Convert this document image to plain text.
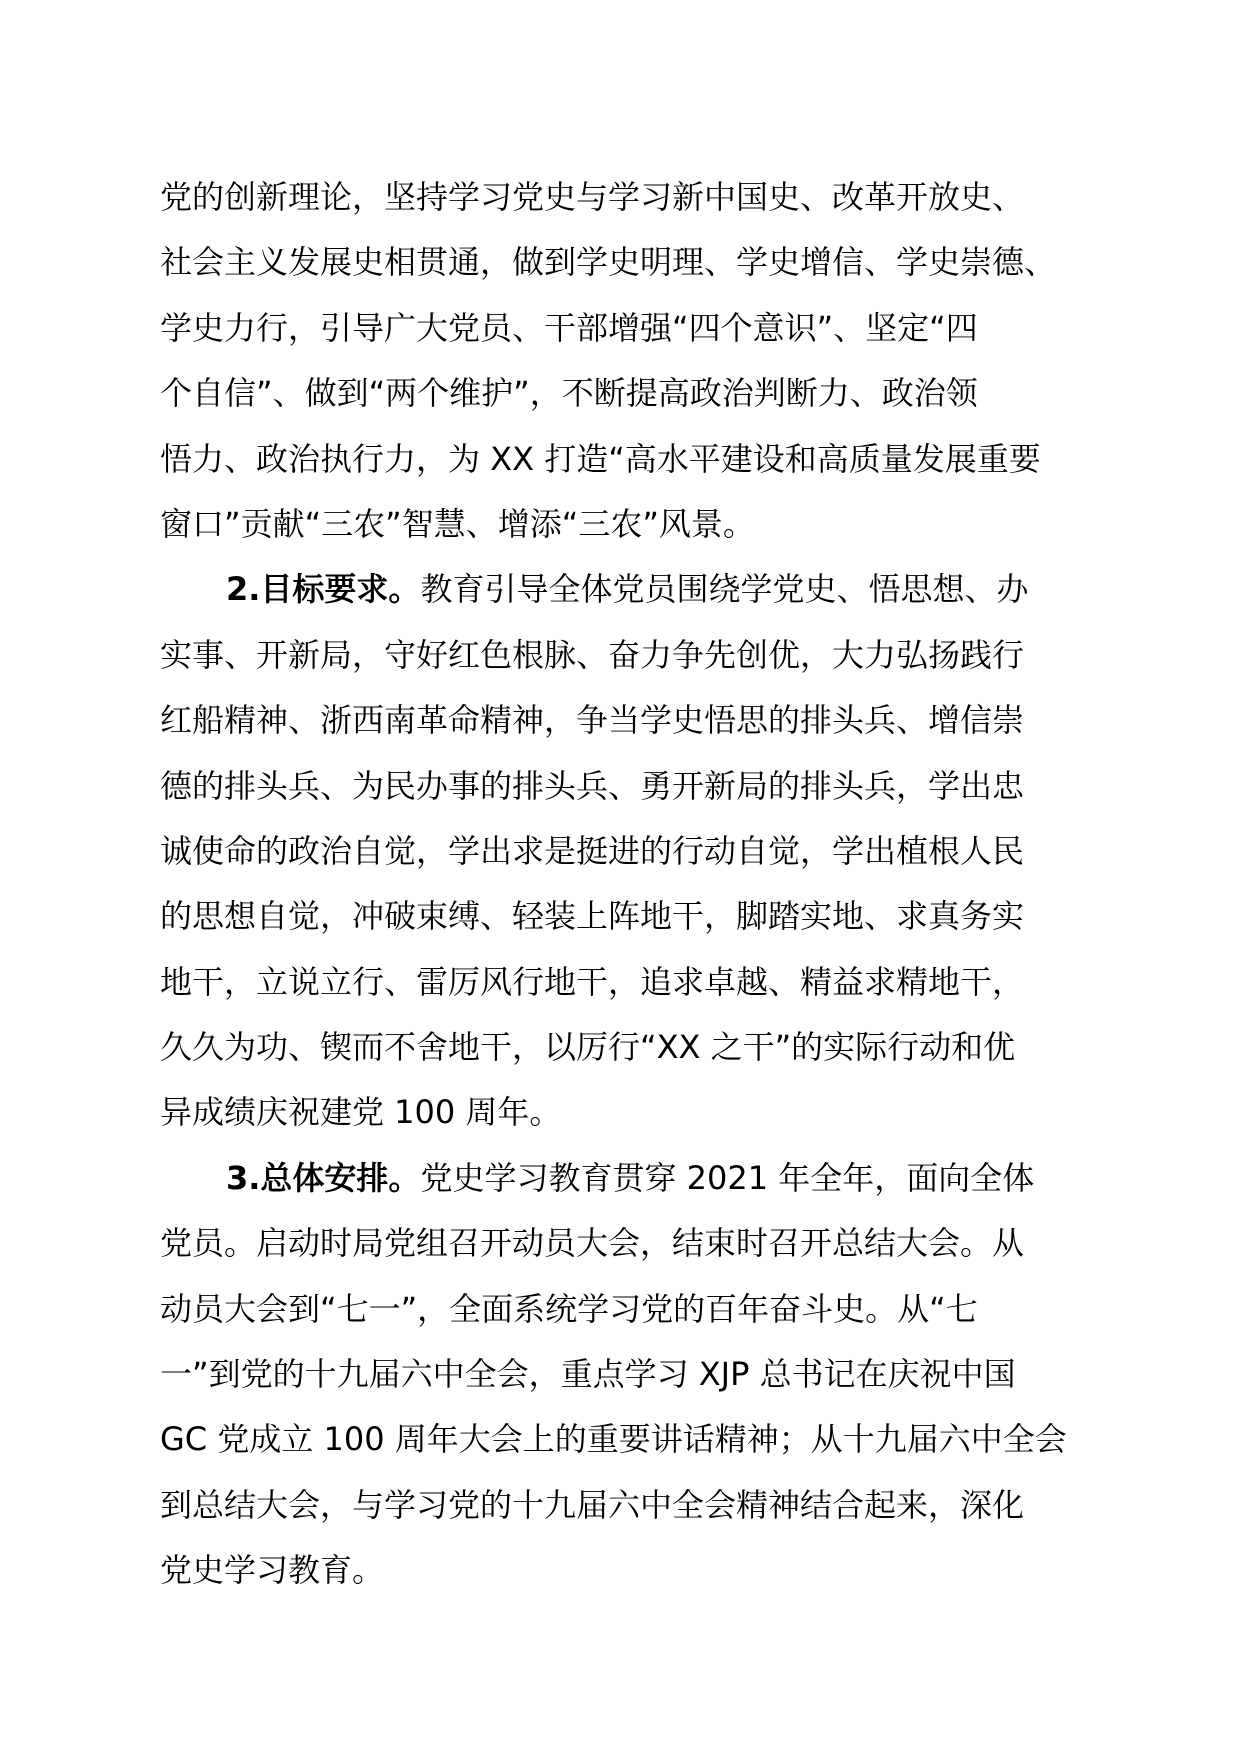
党的创新理论，坚持学习党史与学习新中国史、改革开放史、
社会主义发展史相贯通，做到学史明理、学史增信、学史崇德、
学史力行，引导广大党员、干部增强“四个意识”、坚定“四
个自信”、做到“两个维护”，不断提高政治判断力、政治领
悟力、政治执行力，为 XX 打造“高水平建设和高质量发展重要
窗口”贡献“三农”智慧、增添“三农”风景。
2.目标要求。教育引导全体党员围绕学党史、悟思想、办
实事、开新局，守好红色根脉、奋力争先创优，大力弘扬践行
红船精神、浙西南革命精神，争当学史悟思的排头兵、增信崇
德的排头兵、为民办事的排头兵、勇开新局的排头兵，学出忠
诚使命的政治自觉，学出求是挺进的行动自觉，学出植根人民
的思想自觉，冲破束缚、轻装上阵地干，脚踏实地、求真务实
地干，立说立行、雷厉风行地干，追求卓越、精益求精地干，
久久为功、锲而不舍地干，以厉行“XX 之干”的实际行动和优
异成绩庆祝建党 100 周年。
3.总体安排。党史学习教育贯穿 2021 年全年，面向全体
党员。启动时局党组召开动员大会，结束时召开总结大会。从
动员大会到“七一”，全面系统学习党的百年奋斗史。从“七
一”到党的十九届六中全会，重点学习 XJP 总书记在庆祝中国
GC 党成立 100 周年大会上的重要讲话精神；从十九届六中全会
到总结大会，与学习党的十九届六中全会精神结合起来，深化
党史学习教育。
